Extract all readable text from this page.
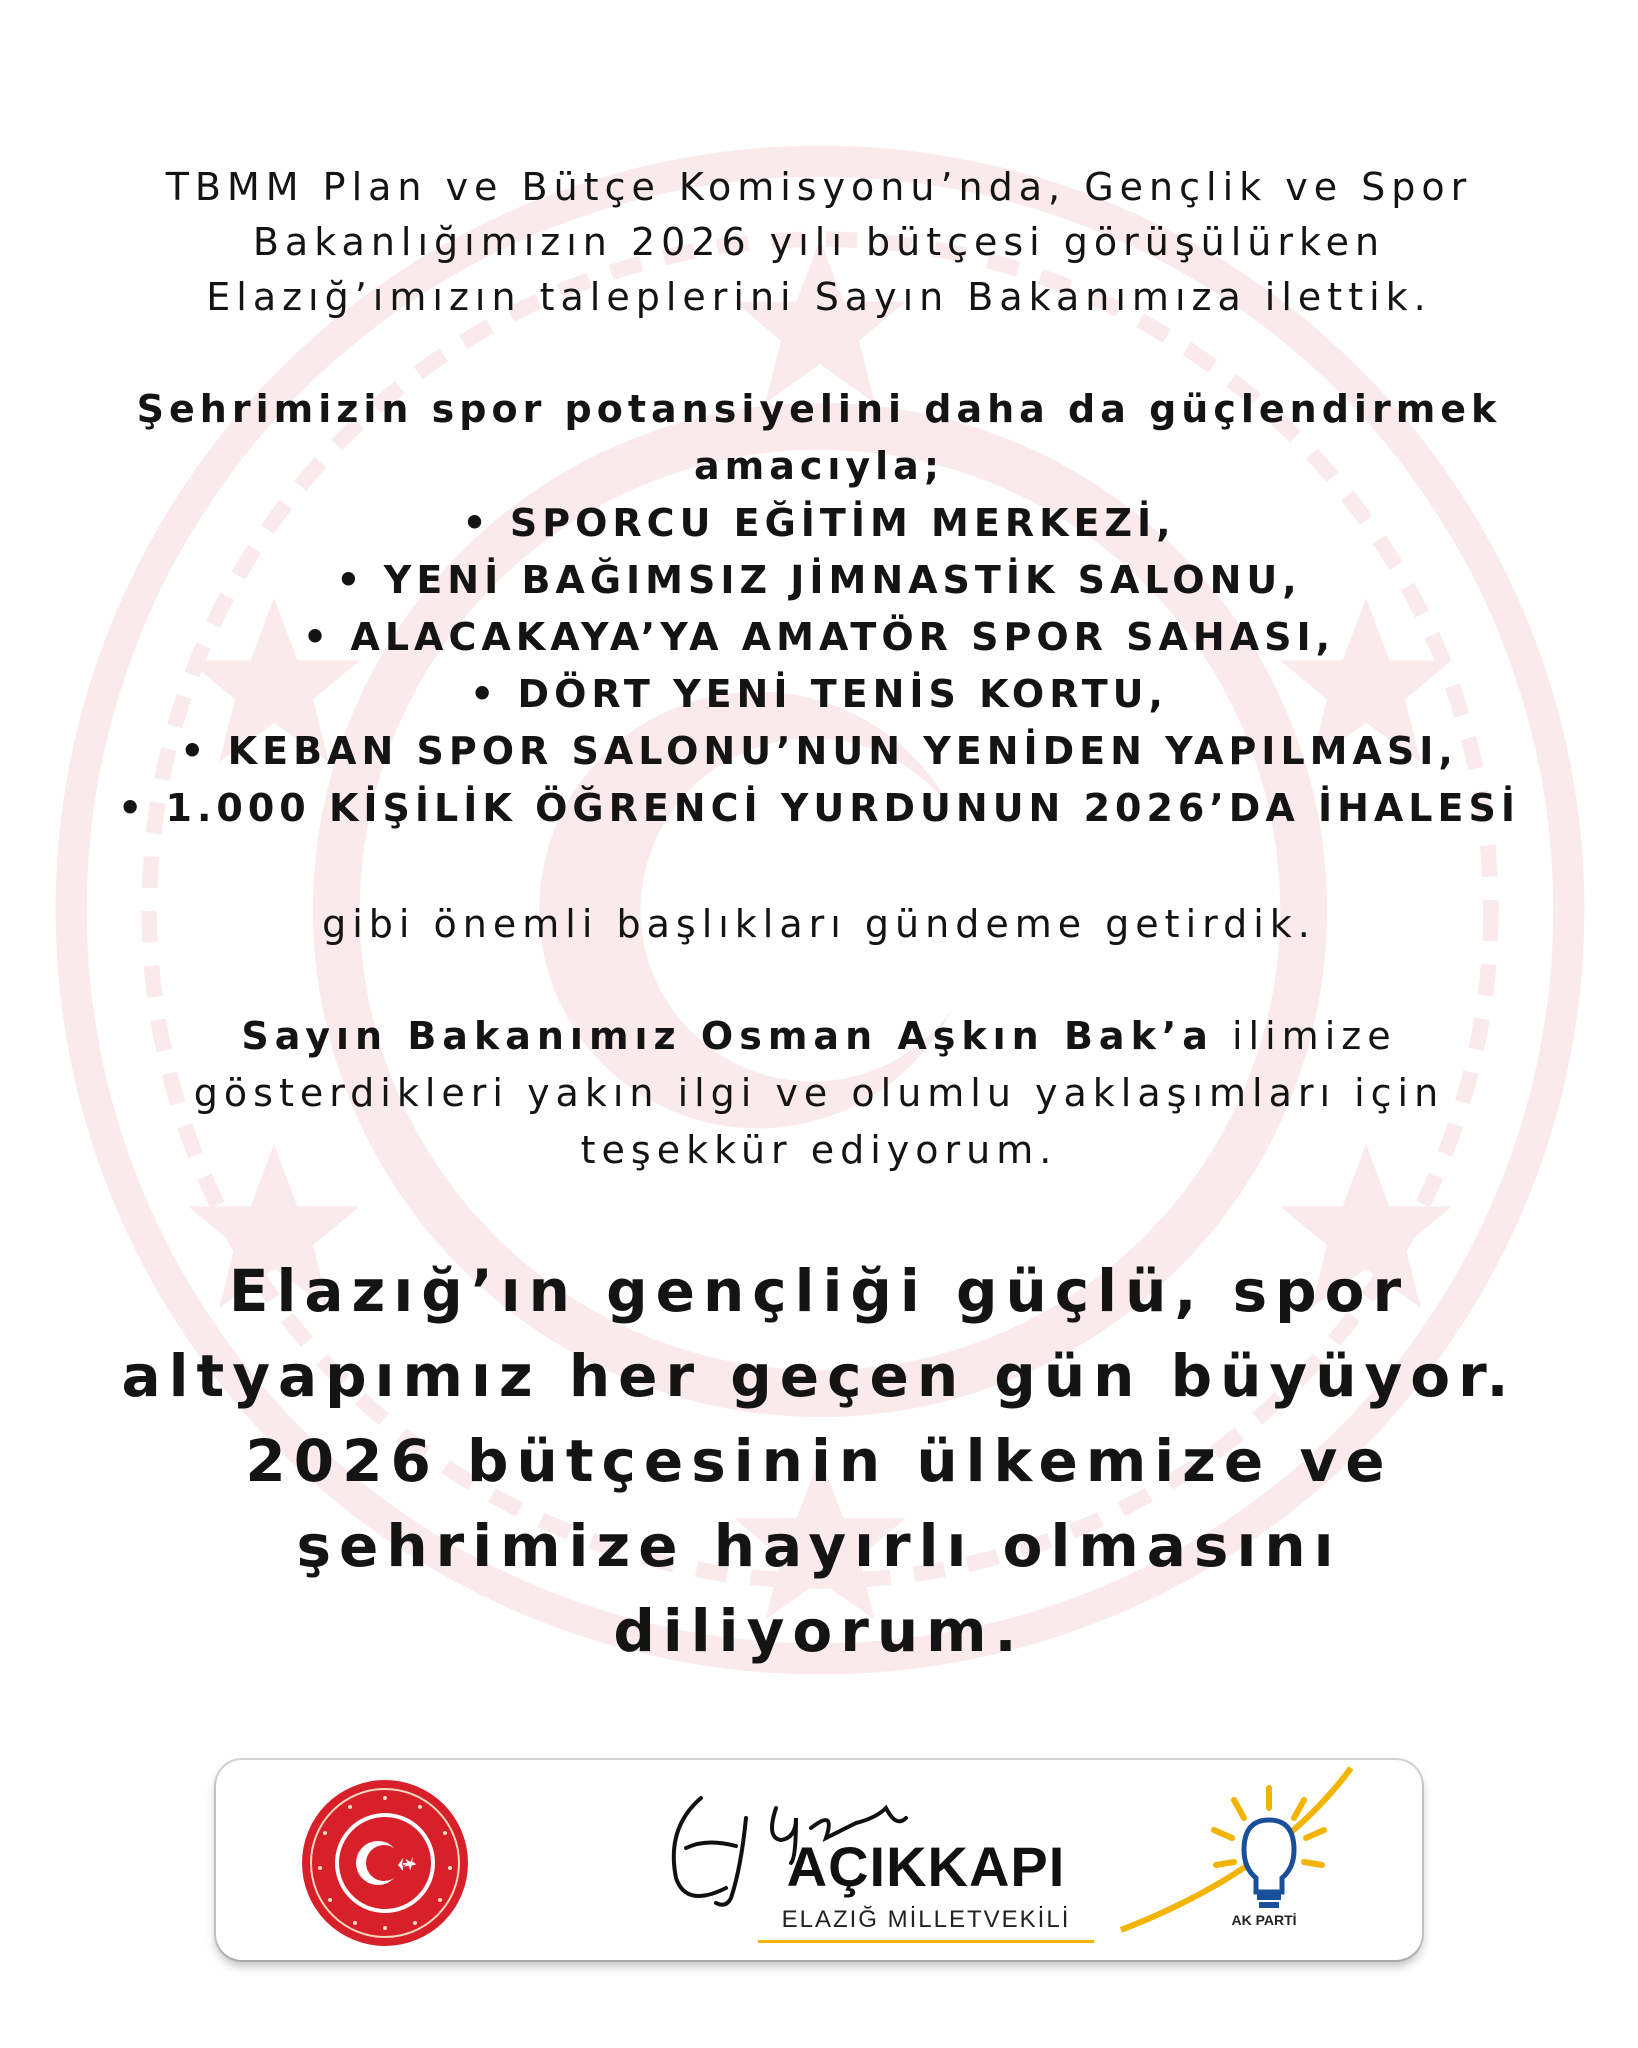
TBMM Plan ve Bütçe Komisyonu’nda, Gençlik ve Spor
Bakanlığımızın 2026 yılı bütçesi görüşülürken
Elazığ’ımızın taleplerini Sayın Bakanımıza ilettik.

Şehrimizin spor potansiyelini daha da güçlendirmek
amacıyla;

• SPORCU EĞİTİM MERKEZİ,
• YENİ BAĞIMSIZ JİMNASTİK SALONU,
• ALACAKAYA’YA AMATÖR SPOR SAHASI,
• DÖRT YENİ TENİS KORTU,
• KEBAN SPOR SALONU’NUN YENİDEN YAPILMASI,
• 1.000 KİŞİLİK ÖĞRENCİ YURDUNUN 2026’DA İHALESİ

gibi önemli başlıkları gündeme getirdik.

Sayın Bakanımız Osman Aşkın Bak’a ilimize
gösterdikleri yakın ilgi ve olumlu yaklaşımları için
teşekkür ediyorum.

Elazığ’ın gençliği güçlü, spor
altyapımız her geçen gün büyüyor.
2026 bütçesinin ülkemize ve
şehrimize hayırlı olmasını
diliyorum.

AÇIKKAPI
ELAZIĞ MİLLETVEKİLİ	AK PARTİ
